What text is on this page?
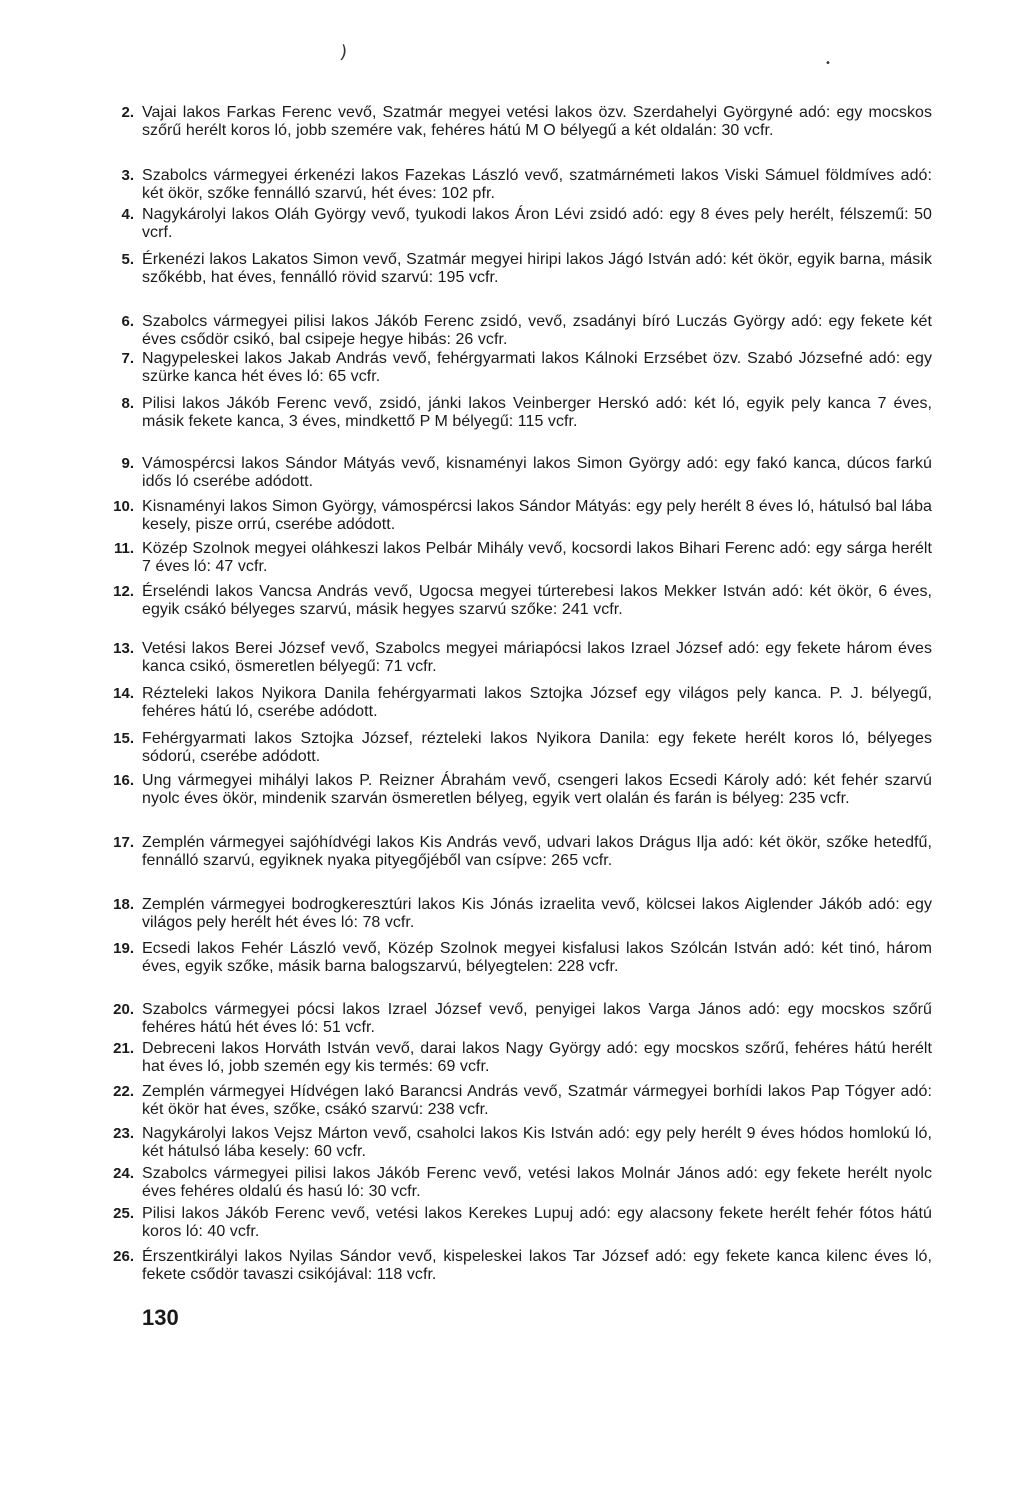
)
•
2. Vajai lakos Farkas Ferenc vevő, Szatmár megyei vetési lakos özv. Szerdahelyi Györgyné adó: egy mocskos szőrű herélt koros ló, jobb szemére vak, fehéres hátú M O bélyegű a két oldalán: 30 vcfr.
3. Szabolcs vármegyei érkenézi lakos Fazekas László vevő, szatmárnémeti lakos Viski Sámuel földmíves adó: két ökör, szőke fennálló szarvú, hét éves: 102 pfr.
4. Nagykárolyi lakos Oláh György vevő, tyukodi lakos Áron Lévi zsidó adó: egy 8 éves pely herélt, félszemű: 50 vcrf.
5. Érkenézi lakos Lakatos Simon vevő, Szatmár megyei hiripi lakos Jágó István adó: két ökör, egyik barna, másik szőkébb, hat éves, fennálló rövid szarvú: 195 vcfr.
6. Szabolcs vármegyei pilisi lakos Jákób Ferenc zsidó, vevő, zsadányi bíró Luczás György adó: egy fekete két éves csődör csikó, bal csipeje hegye hibás: 26 vcfr.
7. Nagypeleskei lakos Jakab András vevő, fehérgyarmati lakos Kálnoki Erzsébet özv. Szabó Józsefné adó: egy szürke kanca hét éves ló: 65 vcfr.
8. Pilisi lakos Jákób Ferenc vevő, zsidó, jánki lakos Veinberger Herskó adó: két ló, egyik pely kanca 7 éves, másik fekete kanca, 3 éves, mindkettő P M bélyegű: 115 vcfr.
9. Vámospércsi lakos Sándor Mátyás vevő, kisnaményi lakos Simon György adó: egy fakó kanca, dúcos farkú idős ló cserébe adódott.
10. Kisnaményi lakos Simon György, vámospércsi lakos Sándor Mátyás: egy pely herélt 8 éves ló, hátulsó bal lába kesely, pisze orrú, cserébe adódott.
11. Közép Szolnok megyei oláhkeszi lakos Pelbár Mihály vevő, kocsordi lakos Bihari Ferenc adó: egy sárga herélt 7 éves ló: 47 vcfr.
12. Érseléndi lakos Vancsa András vevő, Ugocsa megyei túrterebesi lakos Mekker István adó: két ökör, 6 éves, egyik csákó bélyeges szarvú, másik hegyes szarvú szőke: 241 vcfr.
13. Vetési lakos Berei József vevő, Szabolcs megyei máriapócsi lakos Izrael József adó: egy fekete három éves kanca csikó, ösmeretlen bélyegű: 71 vcfr.
14. Rézteleki lakos Nyikora Danila fehérgyarmati lakos Sztojka József egy világos pely kanca. P. J. bélyegű, fehéres hátú ló, cserébe adódott.
15. Fehérgyarmati lakos Sztojka József, rézteleki lakos Nyikora Danila: egy fekete herélt koros ló, bélyeges sódorú, cserébe adódott.
16. Ung vármegyei mihályi lakos P. Reizner Ábrahám vevő, csengeri lakos Ecsedi Károly adó: két fehér szarvú nyolc éves ökör, mindenik szarván ösmeretlen bélyeg, egyik vert olalán és farán is bélyeg: 235 vcfr.
17. Zemplén vármegyei sajóhídvégi lakos Kis András vevő, udvari lakos Drágus Ilja adó: két ökör, szőke hetedfű, fennálló szarvú, egyiknek nyaka pityegőjéből van csípve: 265 vcfr.
18. Zemplén vármegyei bodrogkeresztúri lakos Kis Jónás izraelita vevő, kölcsei lakos Aiglender Jákób adó: egy világos pely herélt hét éves ló: 78 vcfr.
19. Ecsedi lakos Fehér László vevő, Közép Szolnok megyei kisfalusi lakos Szólcán István adó: két tinó, három éves, egyik szőke, másik barna balogszarvú, bélyegtelen: 228 vcfr.
20. Szabolcs vármegyei pócsi lakos Izrael József vevő, penyigei lakos Varga János adó: egy mocskos szőrű fehéres hátú hét éves ló: 51 vcfr.
21. Debreceni lakos Horváth István vevő, darai lakos Nagy György adó: egy mocskos szőrű, fehéres hátú herélt hat éves ló, jobb szemén egy kis termés: 69 vcfr.
22. Zemplén vármegyei Hídvégen lakó Barancsi András vevő, Szatmár vármegyei borhídi lakos Pap Tógyer adó: két ökör hat éves, szőke, csákó szarvú: 238 vcfr.
23. Nagykárolyi lakos Vejsz Márton vevő, csaholci lakos Kis István adó: egy pely herélt 9 éves hódos homlokú ló, két hátulsó lába kesely: 60 vcfr.
24. Szabolcs vármegyei pilisi lakos Jákób Ferenc vevő, vetési lakos Molnár János adó: egy fekete herélt nyolc éves fehéres oldalú és hasú ló: 30 vcfr.
25. Pilisi lakos Jákób Ferenc vevő, vetési lakos Kerekes Lupuj adó: egy alacsony fekete herélt fehér fótos hátú koros ló: 40 vcfr.
26. Érszentkirályi lakos Nyilas Sándor vevő, kispeleskei lakos Tar József adó: egy fekete kanca kilenc éves ló, fekete csődör tavaszi csikójával: 118 vcfr.
130
